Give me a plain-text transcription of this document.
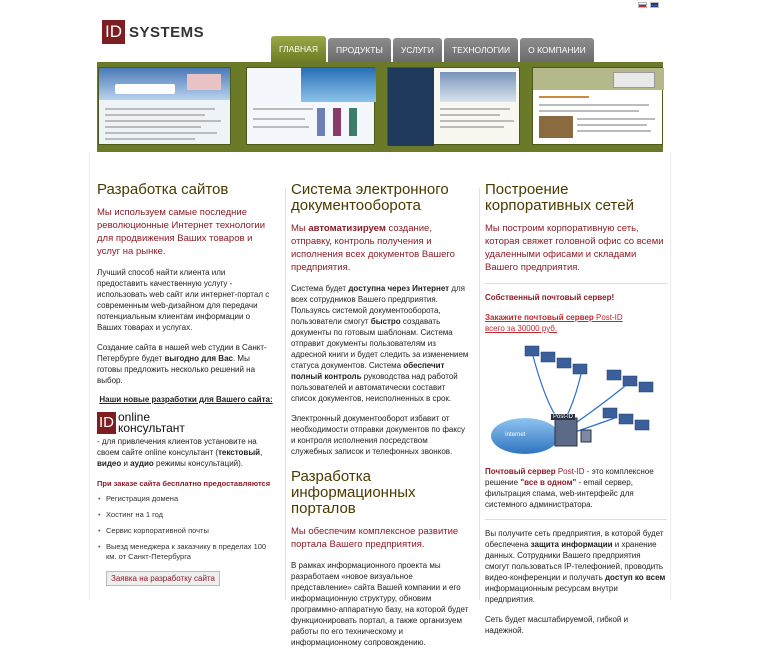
ID SYSTEMS
ГЛАВНАЯ	ПРОДУКТЫ	УСЛУГИ	ТЕХНОЛОГИИ	О КОМПАНИИ
Разработка сайтов
Мы используем самые последние революционные Интернет технологии для продвижения Ваших товаров и услуг на рынке.

Лучший способ найти клиента или предоставить качественную услугу - использовать web сайт или интернет-портал с современным web-дизайном для передачи потенциальным клиентам информации о Ваших товарах и услугах.

Создание сайта в нашей web студии в Санкт-Петербурге будет выгодно для Вас. Мы готовы предложить несколько решений на выбор.

Наши новые разработки для Вашего сайта:
ID online
консультант

- для привлечения клиентов установите на своем сайте online консультант (текстовый, видео и аудио режимы консультаций).

При заказе сайта бесплатно предоставляются
• Регистрация домена
• Хостинг на 1 год
• Сервис корпоративной почты
• Выезд менеджера к заказчику в пределах 100 км. от Санкт-Петербурга
Заявка на разработку сайта
Система электронного документооборота
Мы автоматизируем создание, отправку, контроль получения и исполнения всех документов Вашего предприятия.

Система будет доступна через Интернет для всех сотрудников Вашего предприятия. Пользуясь системой документооборота, пользователи смогут быстро создавать документы по готовым шаблонам. Система отправит документы пользователям из адресной книги и будет следить за изменением статуса документов. Система обеспечит полный контроль руководства над работой пользователей и автоматически составит список документов, неисполненных в срок.

Электронный документооборот избавит от необходимости отправки документов по факсу и контроля исполнения посредством служебных записок и телефонных звонков.

Разработка информационных порталов
Мы обеспечим комплексное развитие портала Вашего предприятия.

В рамках информационного проекта мы разработаем «новое визуальное представление» сайта Вашей компании и его информационную структуру, обновим программно-аппаратную базу, на которой будет функционировать портал, а также организуем работы по его техническому и информационному сопровождению.

Построение корпоративных сетей
Мы построим корпоративную сеть, которая свяжет головной офис со всеми удаленными офисами и складами Вашего предприятия.

Собственный почтовый сервер!

Закажите почтовый сервер Post-ID
всего за 30000 руб.
Post-ID
Internet

Почтовый сервер Post-ID - это комплексное решение "все в одном" - email сервер, фильтрация спама, web-интерфейс для системного администратора.

Вы получите сеть предприятия, в которой будет обеспечена защита информации и хранение данных. Сотрудники Вашего предприятия смогут пользоваться IP-телефонией, проводить видео-конференции и получать доступ ко всем информационным ресурсам внутри предприятия.

Сеть будет масштабируемой, гибкой и надежной.
